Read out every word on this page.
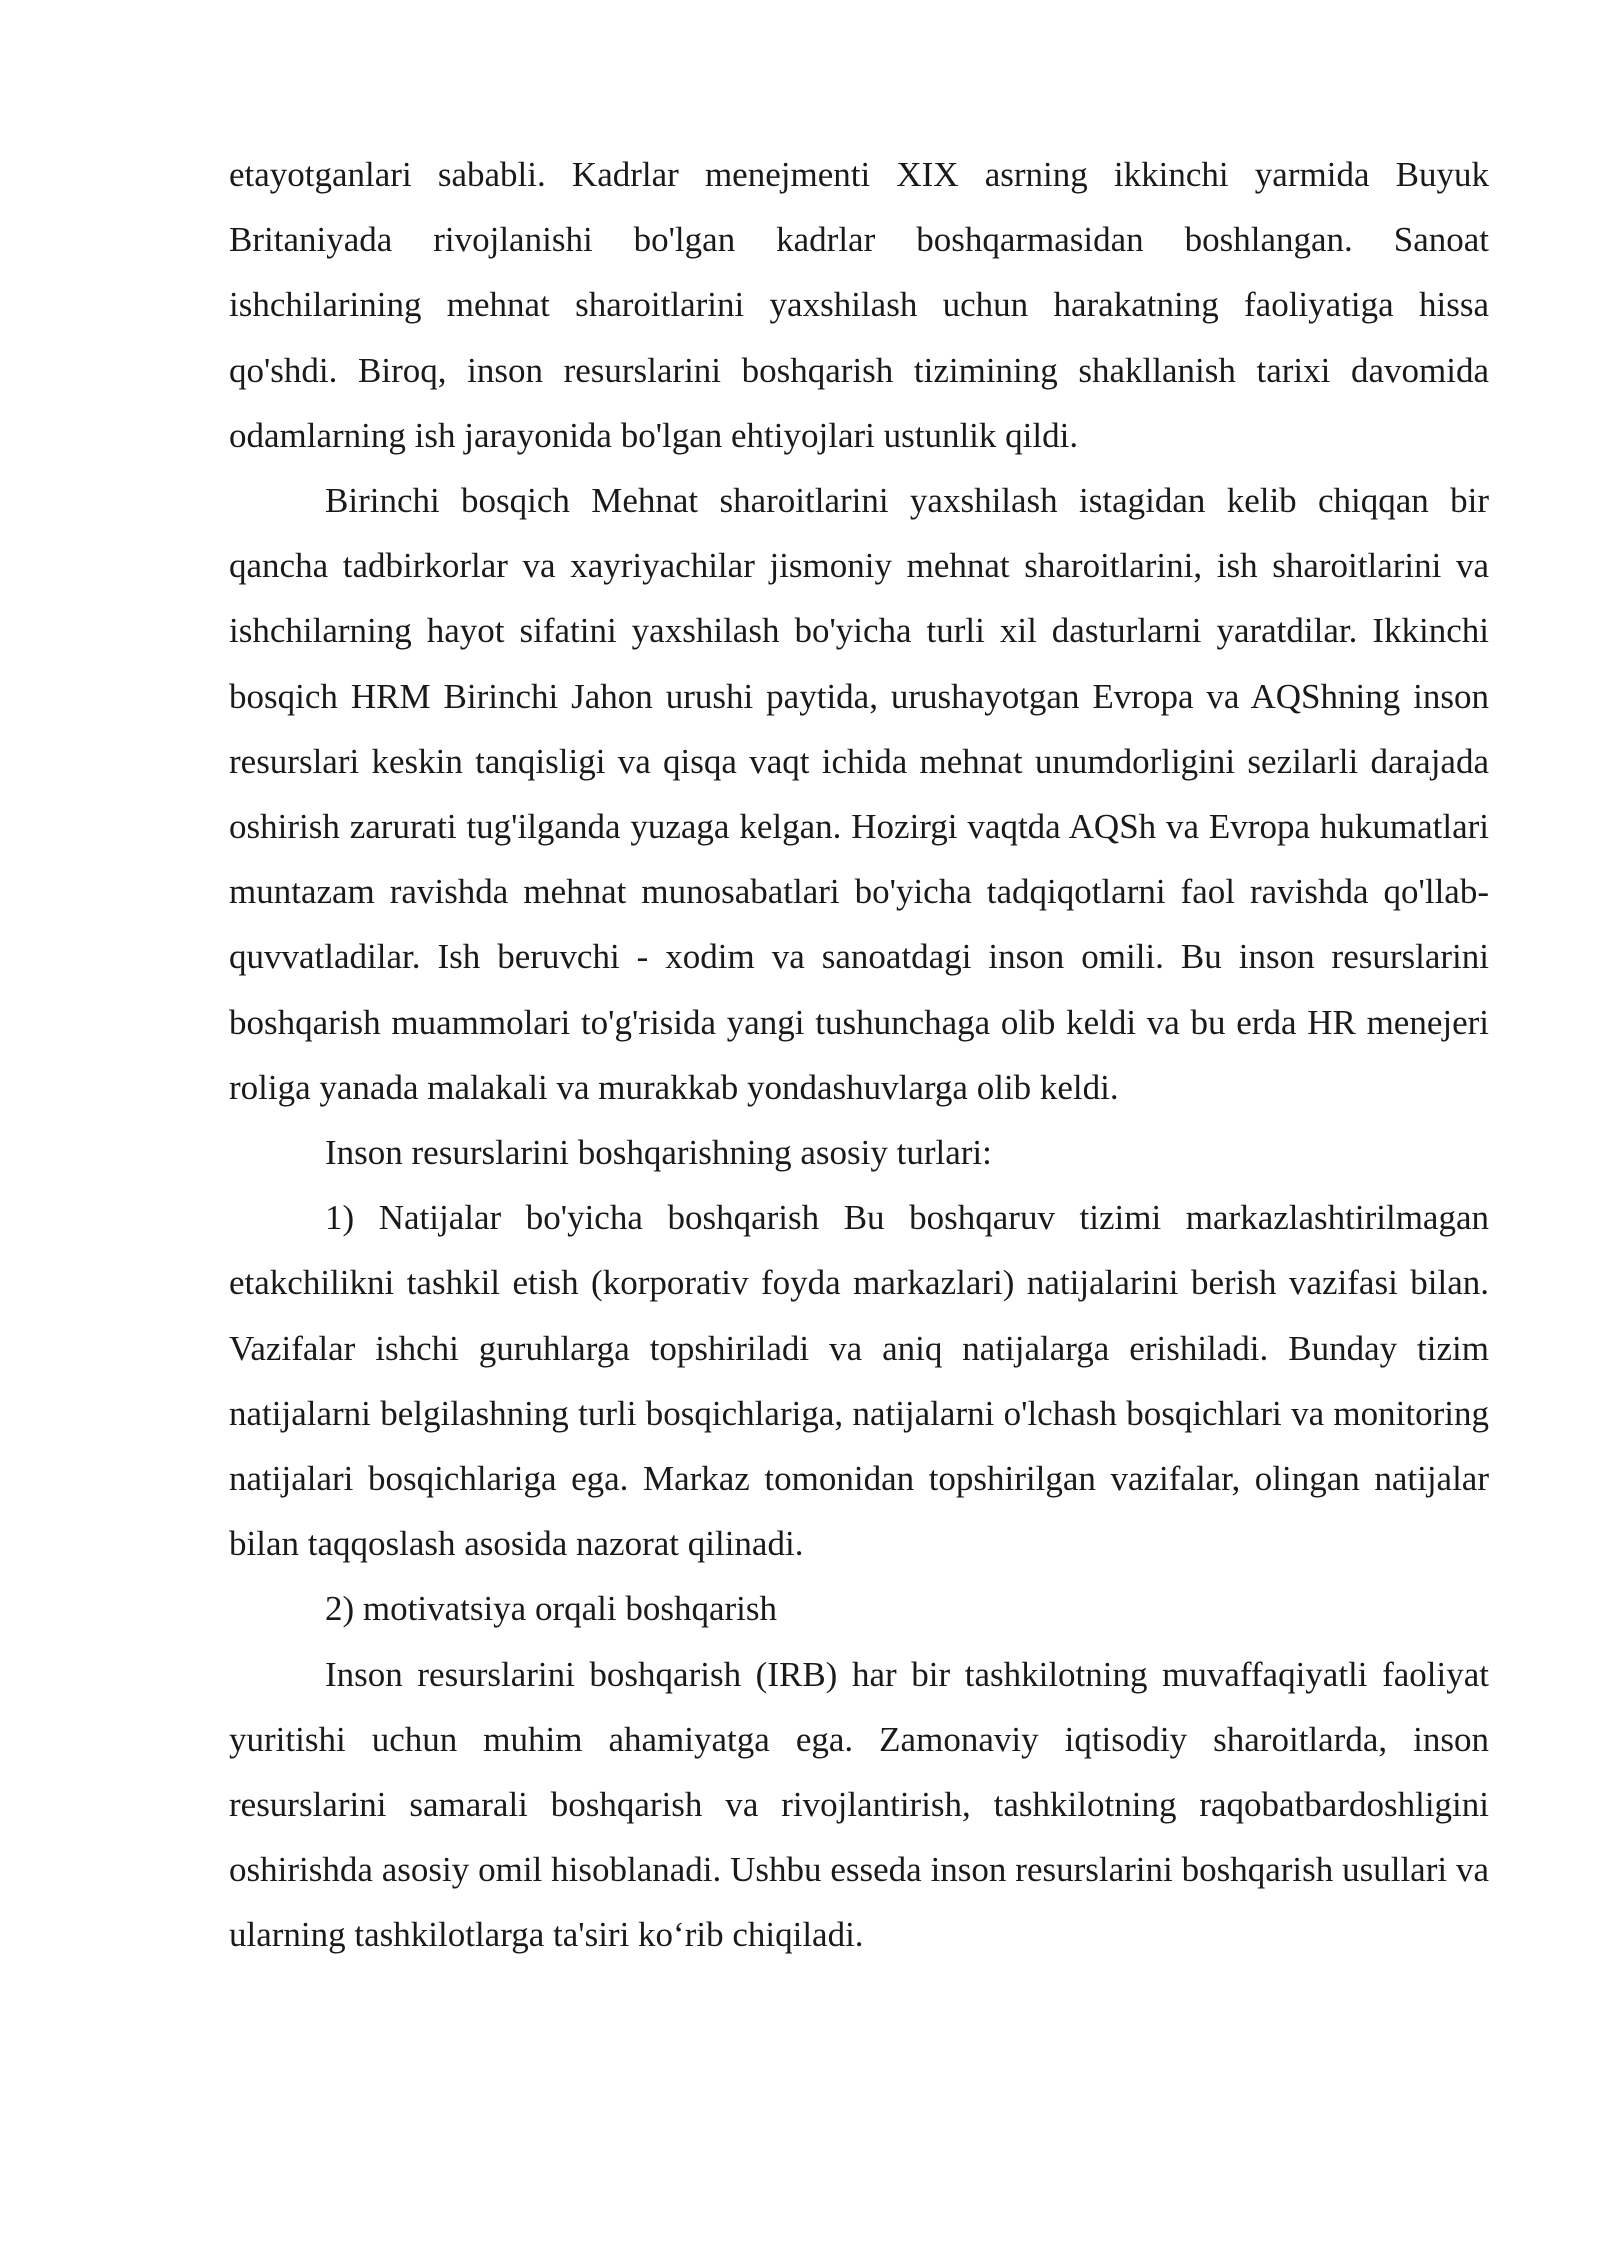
etayotganlari sababli. Kadrlar menejmenti XIX asrning ikkinchi yarmida Buyuk Britaniyada rivojlanishi bo'lgan kadrlar boshqarmasidan boshlangan. Sanoat ishchilarining mehnat sharoitlarini yaxshilash uchun harakatning faoliyatiga hissa qo'shdi. Biroq, inson resurslarini boshqarish tizimining shakllanish tarixi davomida odamlarning ish jarayonida bo'lgan ehtiyojlari ustunlik qildi.

Birinchi bosqich Mehnat sharoitlarini yaxshilash istagidan kelib chiqqan bir qancha tadbirkorlar va xayriyachilar jismoniy mehnat sharoitlarini, ish sharoitlarini va ishchilarning hayot sifatini yaxshilash bo'yicha turli xil dasturlarni yaratdilar. Ikkinchi bosqich HRM Birinchi Jahon urushi paytida, urushayotgan Evropa va AQShning inson resurslari keskin tanqisligi va qisqa vaqt ichida mehnat unumdorligini sezilarli darajada oshirish zarurati tug'ilganda yuzaga kelgan. Hozirgi vaqtda AQSh va Evropa hukumatlari muntazam ravishda mehnat munosabatlari bo'yicha tadqiqotlarni faol ravishda qo'llab-quvvatladilar. Ish beruvchi - xodim va sanoatdagi inson omili. Bu inson resurslarini boshqarish muammolari to'g'risida yangi tushunchaga olib keldi va bu erda HR menejeri roliga yanada malakali va murakkab yondashuvlarga olib keldi.

Inson resurslarini boshqarishning asosiy turlari:

1) Natijalar bo'yicha boshqarish Bu boshqaruv tizimi markazlashtirilmagan etakchilikni tashkil etish (korporativ foyda markazlari) natijalarini berish vazifasi bilan. Vazifalar ishchi guruhlarga topshiriladi va aniq natijalarga erishiladi. Bunday tizim natijalarni belgilashning turli bosqichlariga, natijalarni o'lchash bosqichlari va monitoring natijalari bosqichlariga ega. Markaz tomonidan topshirilgan vazifalar, olingan natijalar bilan taqqoslash asosida nazorat qilinadi.

2) motivatsiya orqali boshqarish

Inson resurslarini boshqarish (IRB) har bir tashkilotning muvaffaqiyatli faoliyat yuritishi uchun muhim ahamiyatga ega. Zamonaviy iqtisodiy sharoitlarda, inson resurslarini samarali boshqarish va rivojlantirish, tashkilotning raqobatbardoshligini oshirishda asosiy omil hisoblanadi. Ushbu esseda inson resurslarini boshqarish usullari va ularning tashkilotlarga ta'siri ko‘rib chiqiladi.
